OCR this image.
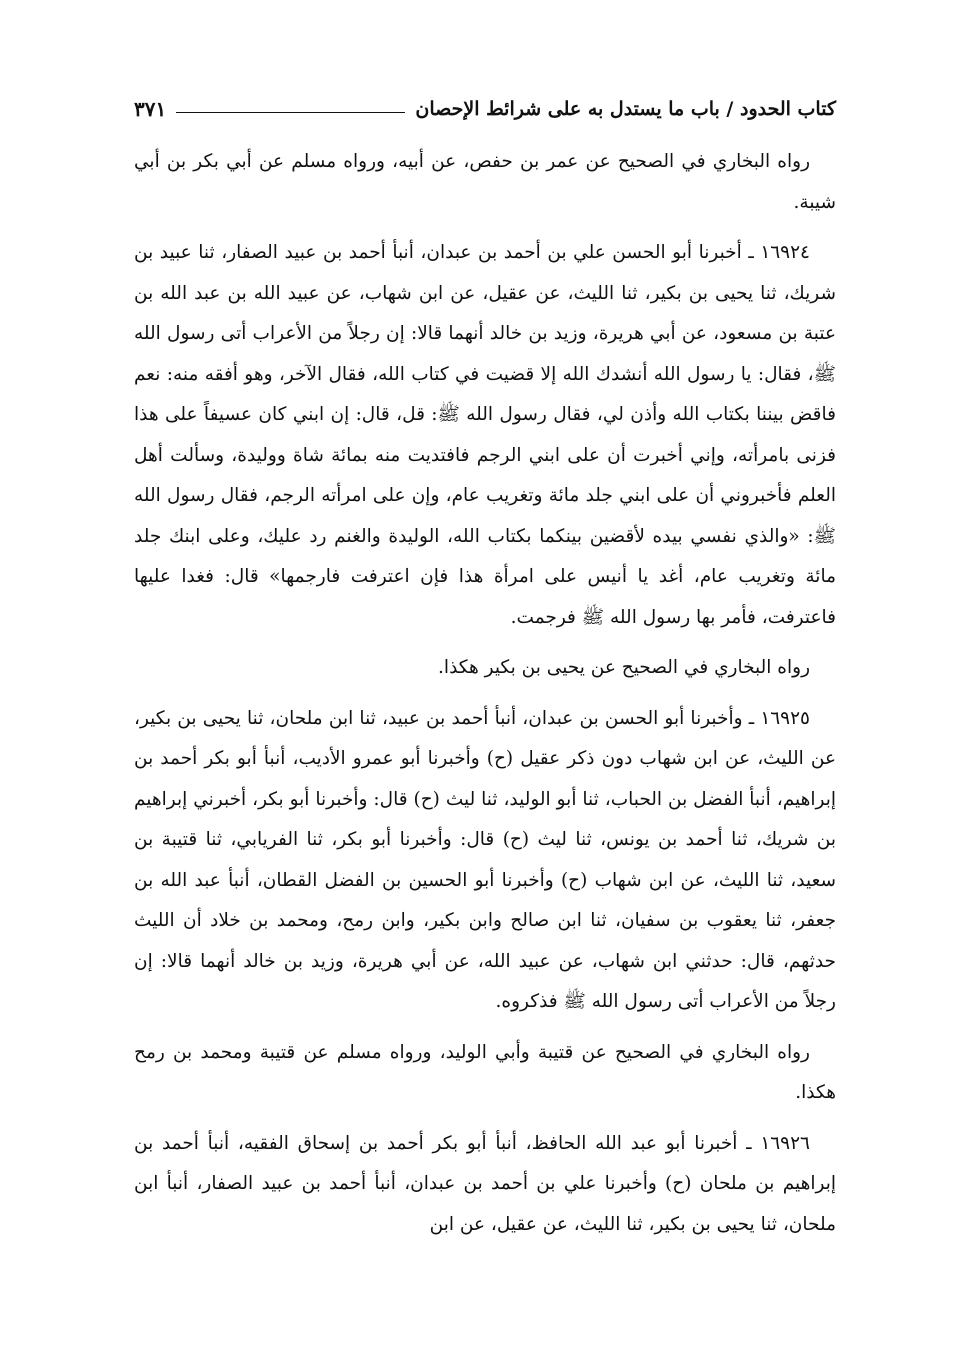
كتاب الحدود / باب ما يستدل به على شرائط الإحصان
٣٧١

رواه البخاري في الصحيح عن عمر بن حفص، عن أبيه، ورواه مسلم عن أبي بكر بن أبي شيبة.

١٦٩٢٤ ـ أخبرنا أبو الحسن علي بن أحمد بن عبدان، أنبأ أحمد بن عبيد الصفار، ثنا عبيد بن شريك، ثنا يحيى بن بكير، ثنا الليث، عن عقيل، عن ابن شهاب، عن عبيد الله بن عبد الله بن عتبة بن مسعود، عن أبي هريرة، وزيد بن خالد أنهما قالا: إن رجلاً من الأعراب أتى رسول الله ﷺ، فقال: يا رسول الله أنشدك الله إلا قضيت في كتاب الله، فقال الآخر، وهو أفقه منه: نعم فاقض بيننا بكتاب الله وأذن لي، فقال رسول الله ﷺ: قل، قال: إن ابني كان عسيفاً على هذا فزنى بامرأته، وإني أخبرت أن على ابني الرجم فافتديت منه بمائة شاة ووليدة، وسألت أهل العلم فأخبروني أن على ابني جلد مائة وتغريب عام، وإن على امرأته الرجم، فقال رسول الله ﷺ: «والذي نفسي بيده لأقضين بينكما بكتاب الله، الوليدة والغنم رد عليك، وعلى ابنك جلد مائة وتغريب عام، أغد يا أنيس على امرأة هذا فإن اعترفت فارجمها» قال: فغدا عليها فاعترفت، فأمر بها رسول الله ﷺ فرجمت.

رواه البخاري في الصحيح عن يحيى بن بكير هكذا.

١٦٩٢٥ ـ وأخبرنا أبو الحسن بن عبدان، أنبأ أحمد بن عبيد، ثنا ابن ملحان، ثنا يحيى بن بكير، عن الليث، عن ابن شهاب دون ذكر عقيل (ح) وأخبرنا أبو عمرو الأديب، أنبأ أبو بكر أحمد بن إبراهيم، أنبأ الفضل بن الحباب، ثنا أبو الوليد، ثنا ليث (ح) قال: وأخبرنا أبو بكر، أخبرني إبراهيم بن شريك، ثنا أحمد بن يونس، ثنا ليث (ح) قال: وأخبرنا أبو بكر، ثنا الفريابي، ثنا قتيبة بن سعيد، ثنا الليث، عن ابن شهاب (ح) وأخبرنا أبو الحسين بن الفضل القطان، أنبأ عبد الله بن جعفر، ثنا يعقوب بن سفيان، ثنا ابن صالح وابن بكير، وابن رمح، ومحمد بن خلاد أن الليث حدثهم، قال: حدثني ابن شهاب، عن عبيد الله، عن أبي هريرة، وزيد بن خالد أنهما قالا: إن رجلاً من الأعراب أتى رسول الله ﷺ فذكروه.

رواه البخاري في الصحيح عن قتيبة وأبي الوليد، ورواه مسلم عن قتيبة ومحمد بن رمح هكذا.

١٦٩٢٦ ـ أخبرنا أبو عبد الله الحافظ، أنبأ أبو بكر أحمد بن إسحاق الفقيه، أنبأ أحمد بن إبراهيم بن ملحان (ح) وأخبرنا علي بن أحمد بن عبدان، أنبأ أحمد بن عبيد الصفار، أنبأ ابن ملحان، ثنا يحيى بن بكير، ثنا الليث، عن عقيل، عن ابن
